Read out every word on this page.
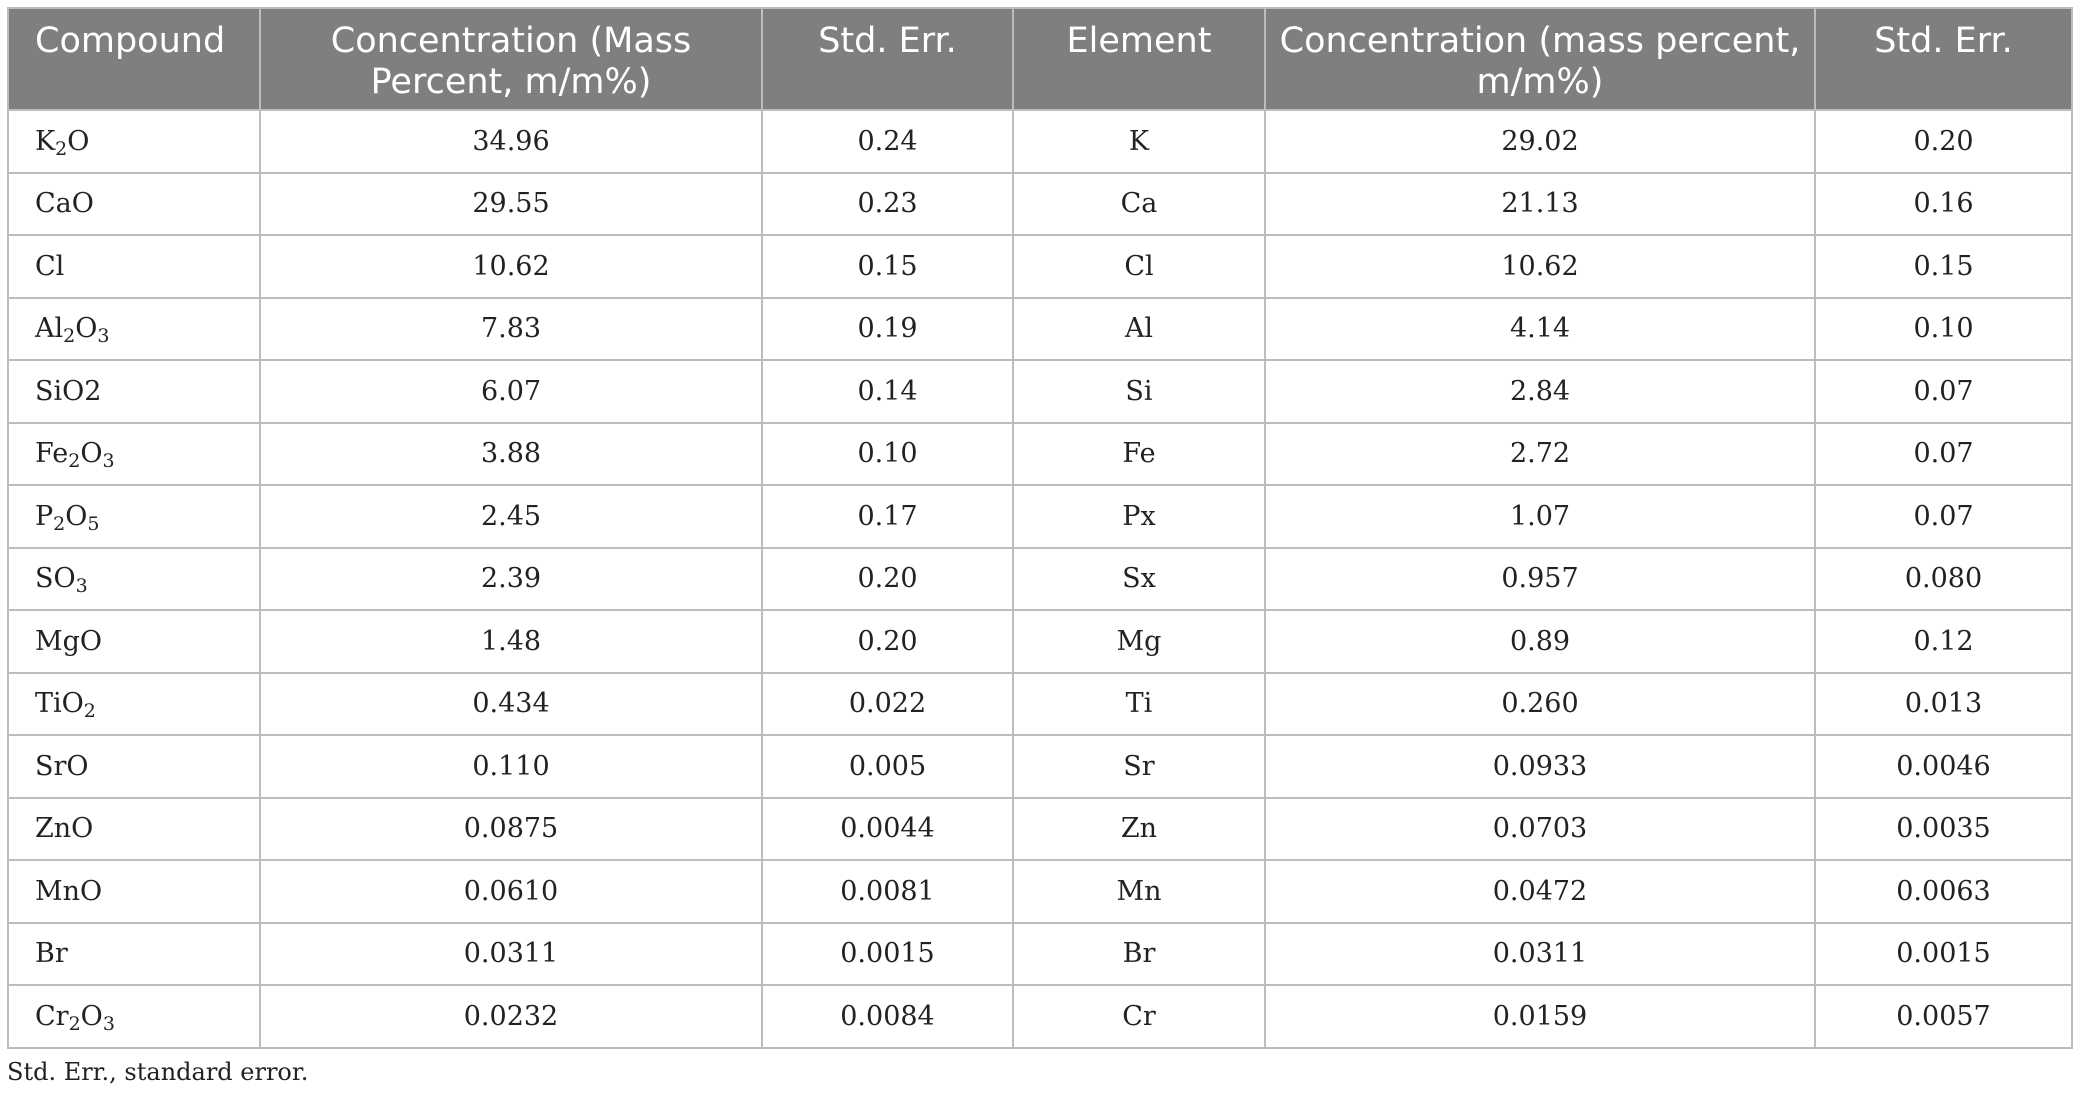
Compound	Concentration (Mass Percent, m/m%)	Std. Err.	Element	Concentration (mass percent, m/m%)	Std. Err.

$K_2O$	34.96	0.24	K	29.02	0.20
CaO	29.55	0.23	Ca	21.13	0.16
Cl	10.62	0.15	Cl	10.62	0.15
$Al_2O_3$	7.83	0.19	Al	4.14	0.10
SiO2	6.07	0.14	Si	2.84	0.07
$Fe_2O_3$	3.88	0.10	Fe	2.72	0.07
$P_2O_5$	2.45	0.17	Px	1.07	0.07
$SO_3$	2.39	0.20	Sx	0.957	0.080
MgO	1.48	0.20	Mg	0.89	0.12
TiO$_2$	0.434	0.022	Ti	0.260	0.013
SrO	0.110	0.005	Sr	0.0933	0.0046
ZnO	0.0875	0.0044	Zn	0.0703	0.0035
MnO	0.0610	0.0081	Mn	0.0472	0.0063
Br	0.0311	0.0015	Br	0.0311	0.0015
$Cr_2O_3$	0.0232	0.0084	Cr	0.0159	0.0057
Std. Err., standard error.
